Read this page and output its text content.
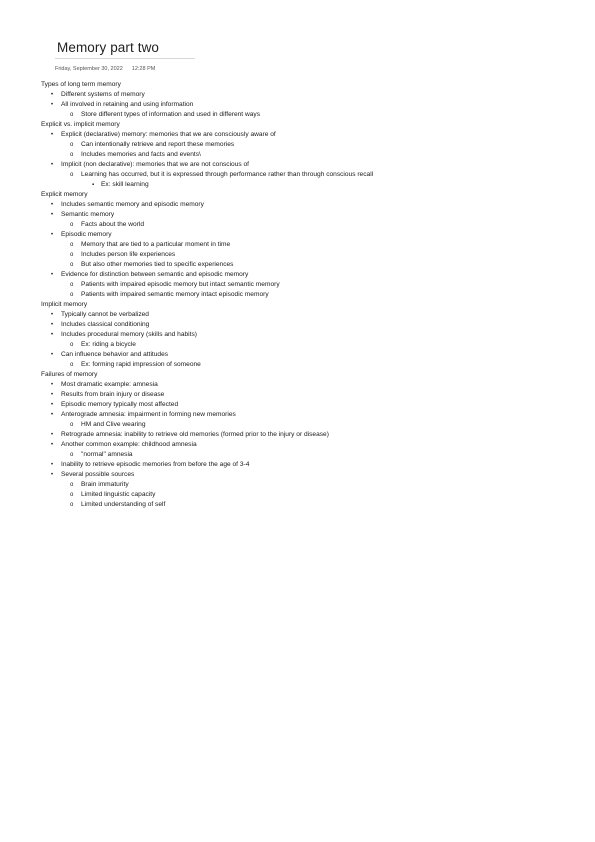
Memory part two
Friday, September 30, 2022 12:28 PM
Types of long term memory
• Different systems of memory
• All involved in retaining and using information
o Store different types of information and used in different ways
Explicit vs. implicit memory
• Explicit (declarative) memory: memories that we are consciously aware of
o Can intentionally retrieve and report these memories
o Includes memories and facts and events\
• Implicit (non declarative): memories that we are not conscious of
o Learning has occurred, but it is expressed through performance rather than through conscious recall
▪ Ex: skill learning
Explicit memory
• Includes semantic memory and episodic memory
• Semantic memory
o Facts about the world
• Episodic memory
o Memory that are tied to a particular moment in time
o Includes person life experiences
o But also other memories tied to specific experiences
• Evidence for distinction between semantic and episodic memory
o Patients with impaired episodic memory but intact semantic memory
o Patients with impaired semantic memory intact episodic memory
Implicit memory
• Typically cannot be verbalized
• Includes classical conditioning
• Includes procedural memory (skills and habits)
o Ex: riding a bicycle
• Can influence behavior and attitudes
o Ex: forming rapid impression of someone
Failures of memory
• Most dramatic example: amnesia
• Results from brain injury or disease
• Episodic memory typically most affected
• Anterograde amnesia: impairment in forming new memories
o HM and Clive wearing
• Retrograde amnesia: inability to retrieve old memories (formed prior to the injury or disease)
• Another common example: childhood amnesia
o "normal" amnesia
• Inability to retrieve episodic memories from before the age of 3-4
• Several possible sources
o Brain immaturity
o Limited linguistic capacity
o Limited understanding of self
